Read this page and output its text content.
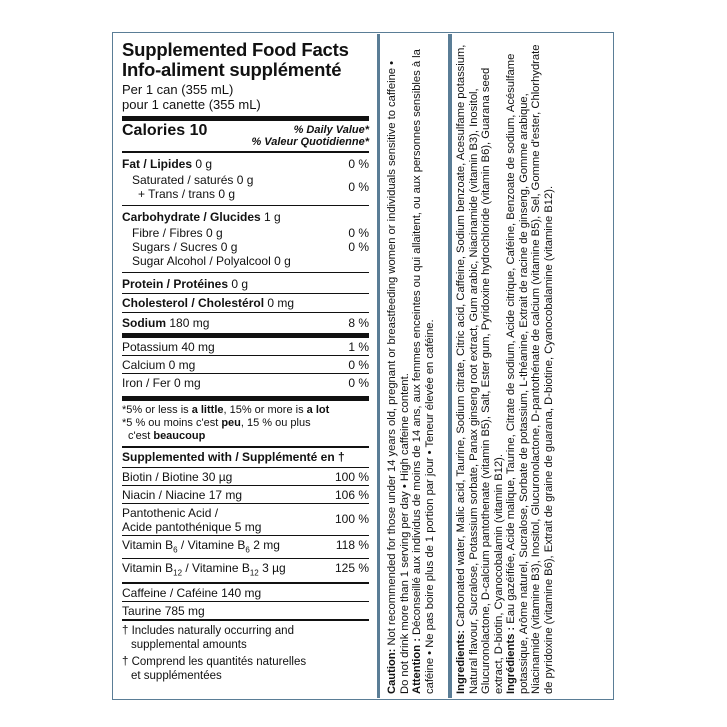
Supplemented Food Facts
Info-aliment supplémenté
Per 1 can (355 mL)
pour 1 canette (355 mL)
Calories 10	% Daily Value*
% Valeur Quotidienne*
Fat / Lipides 0 g	0 %
Saturated / saturés 0 g
+ Trans / trans 0 g	0 %
Carbohydrate / Glucides 1 g
Fibre / Fibres 0 g	0 %
Sugars / Sucres 0 g	0 %
Sugar Alcohol / Polyalcool 0 g
Protein / Protéines 0 g
Cholesterol / Cholestérol 0 mg
Sodium 180 mg	8 %
Potassium 40 mg	1 %
Calcium 0 mg	0 %
Iron / Fer 0 mg	0 %
*5% or less is a little, 15% or more is a lot
*5 % ou moins c'est peu, 15 % ou plus
c'est beaucoup
Supplemented with / Supplémenté en †
Biotin / Biotine 30 µg	100 %
Niacin / Niacine 17 mg	106 %
Pantothenic Acid /
Acide pantothénique 5 mg
100 %
Vitamin $B_6$ / Vitamine $B_6$ 2 mg	118 %
Vitamin $B_{12}$ / Vitamine $B_{12}$ 3 µg	125 %
Caffeine / Caféine 140 mg
Taurine 785 mg
† Includes naturally occurring and
supplemental amounts
† Comprend les quantités naturelles
et supplémentées	Caution: Not recommended for those under 14 years old, pregnant or breastfeeding women or individuals sensitive to caffeine • Do not drink more than 1 serving per day • High caffeine content. Attention : Déconseillé aux individus de moins de 14 ans, aux femmes enceintes ou qui allaitent, ou aux personnes sensibles à la caféine • Ne pas boire plus de 1 portion par jour • Teneur élevée en caféine. Ingredients: Carbonated water, Malic acid, Taurine, Sodium citrate, Citric acid, Caffeine, Sodium benzoate, Acesulfame potassium, Natural flavour, Sucralose, Potassium sorbate, Panax ginseng root extract, Gum arabic, Niacinamide (vitamin B3), Inositol, Glucuronolactone, D-calcium pantothenate (vitamin B5), Salt, Ester gum, Pyridoxine hydrochloride (vitamin B6), Guarana seed extract, D-biotin, Cyanocobalamin (vitamin B12). Ingrédients : Eau gazéifiée, Acide malique, Taurine, Citrate de sodium, Acide citrique, Caféine, Benzoate de sodium, Acésulfame potassique, Arôme naturel, Sucralose, Sorbate de potassium, L-théanine, Extrait de racine de ginseng, Gomme arabique, Niacinamide (vitamine B3), Inositol, Glucuronolactone, D-pantothénate de calcium (vitamine B5), Sel, Gomme d'ester, Chlorhydrate de pyridoxine (vitamine B6), Extrait de graine de guarana, D-biotine, Cyanocobalamine (vitamine B12).
